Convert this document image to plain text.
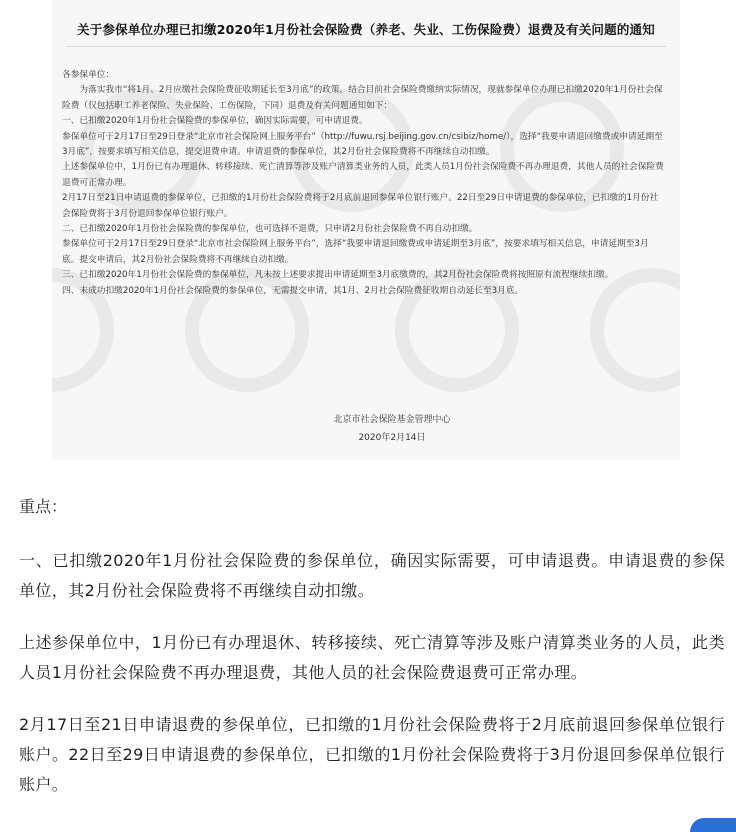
关于参保单位办理已扣缴2020年1月份社会保险费（养老、失业、工伤保险费）退费及有关问题的通知

各参保单位：

为落实我市“将1月、2月应缴社会保险费征收期延长至3月底”的政策，结合目前社会保险费缴纳实际情况，现就参保单位办理已扣缴2020年1月份社会保险费（仅包括职工养老保险、失业保险、工伤保险，下同）退费及有关问题通知如下：

一、已扣缴2020年1月份社会保险费的参保单位，确因实际需要，可申请退费。

参保单位可于2月17日至29日登录“北京市社会保险网上服务平台”（http://fuwu.rsj.beijing.gov.cn/csibiz/home/），选择“我要申请退回缴费或申请延期至3月底”，按要求填写相关信息，提交退费申请。申请退费的参保单位，其2月份社会保险费将不再继续自动扣缴。

上述参保单位中，1月份已有办理退休、转移接续、死亡清算等涉及账户清算类业务的人员，此类人员1月份社会保险费不再办理退费，其他人员的社会保险费退费可正常办理。

2月17日至21日申请退费的参保单位，已扣缴的1月份社会保险费将于2月底前退回参保单位银行账户。22日至29日申请退费的参保单位，已扣缴的1月份社会保险费将于3月份退回参保单位银行账户。

二、已扣缴2020年1月份社会保险费的参保单位，也可选择不退费，只申请2月份社会保险费不再自动扣缴。

参保单位可于2月17日至29日登录“北京市社会保险网上服务平台”，选择“我要申请退回缴费或申请延期至3月底”，按要求填写相关信息，申请延期至3月底。提交申请后，其2月份社会保险费将不再继续自动扣缴。

三、已扣缴2020年1月份社会保险费的参保单位，凡未按上述要求提出申请延期至3月底缴费的，其2月份社会保险费将按照原有流程继续扣缴。

四、未成功扣缴2020年1月份社会保险费的参保单位，无需提交申请，其1月、2月社会保险费征收期自动延长至3月底。

北京市社会保险基金管理中心
2020年2月14日
重点：

一、已扣缴2020年1月份社会保险费的参保单位，确因实际需要，可申请退费。申请退费的参保单位，其2月份社会保险费将不再继续自动扣缴。

上述参保单位中，1月份已有办理退休、转移接续、死亡清算等涉及账户清算类业务的人员，此类人员1月份社会保险费不再办理退费，其他人员的社会保险费退费可正常办理。

2月17日至21日申请退费的参保单位，已扣缴的1月份社会保险费将于2月底前退回参保单位银行账户。22日至29日申请退费的参保单位，已扣缴的1月份社会保险费将于3月份退回参保单位银行账户。
